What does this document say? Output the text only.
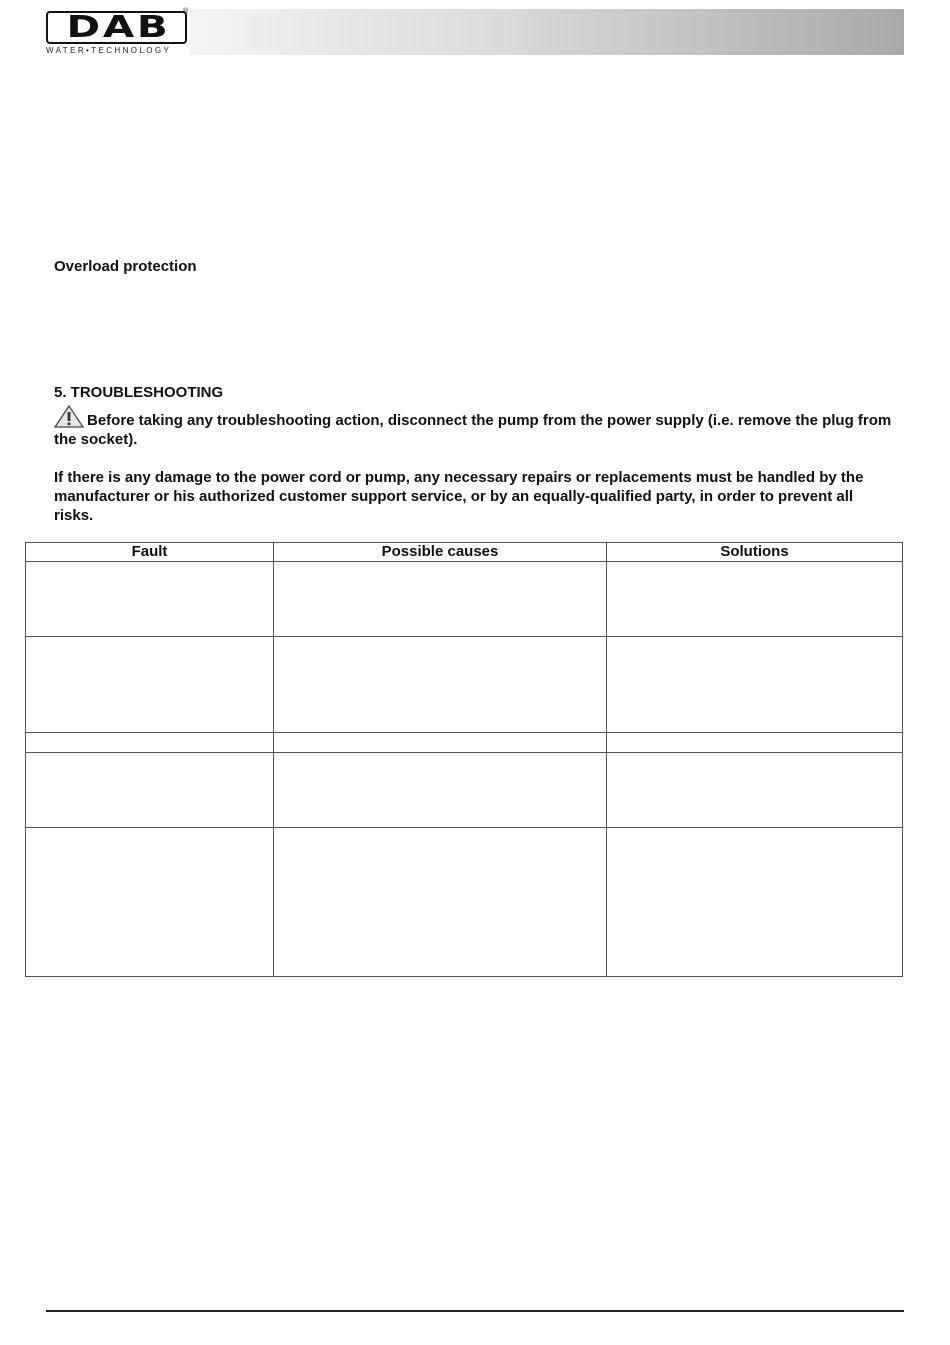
DAB	®
WATER•TECHNOLOGY

Overload protection

5. TROUBLESHOOTING

Before taking any troubleshooting action, disconnect the pump from the power supply (i.e. remove the plug from the socket).

If there is any damage to the power cord or pump, any necessary repairs or replacements must be handled by the manufacturer or his authorized customer support service, or by an equally-qualified party, in order to prevent all risks.

Fault	Possible causes	Solutions
